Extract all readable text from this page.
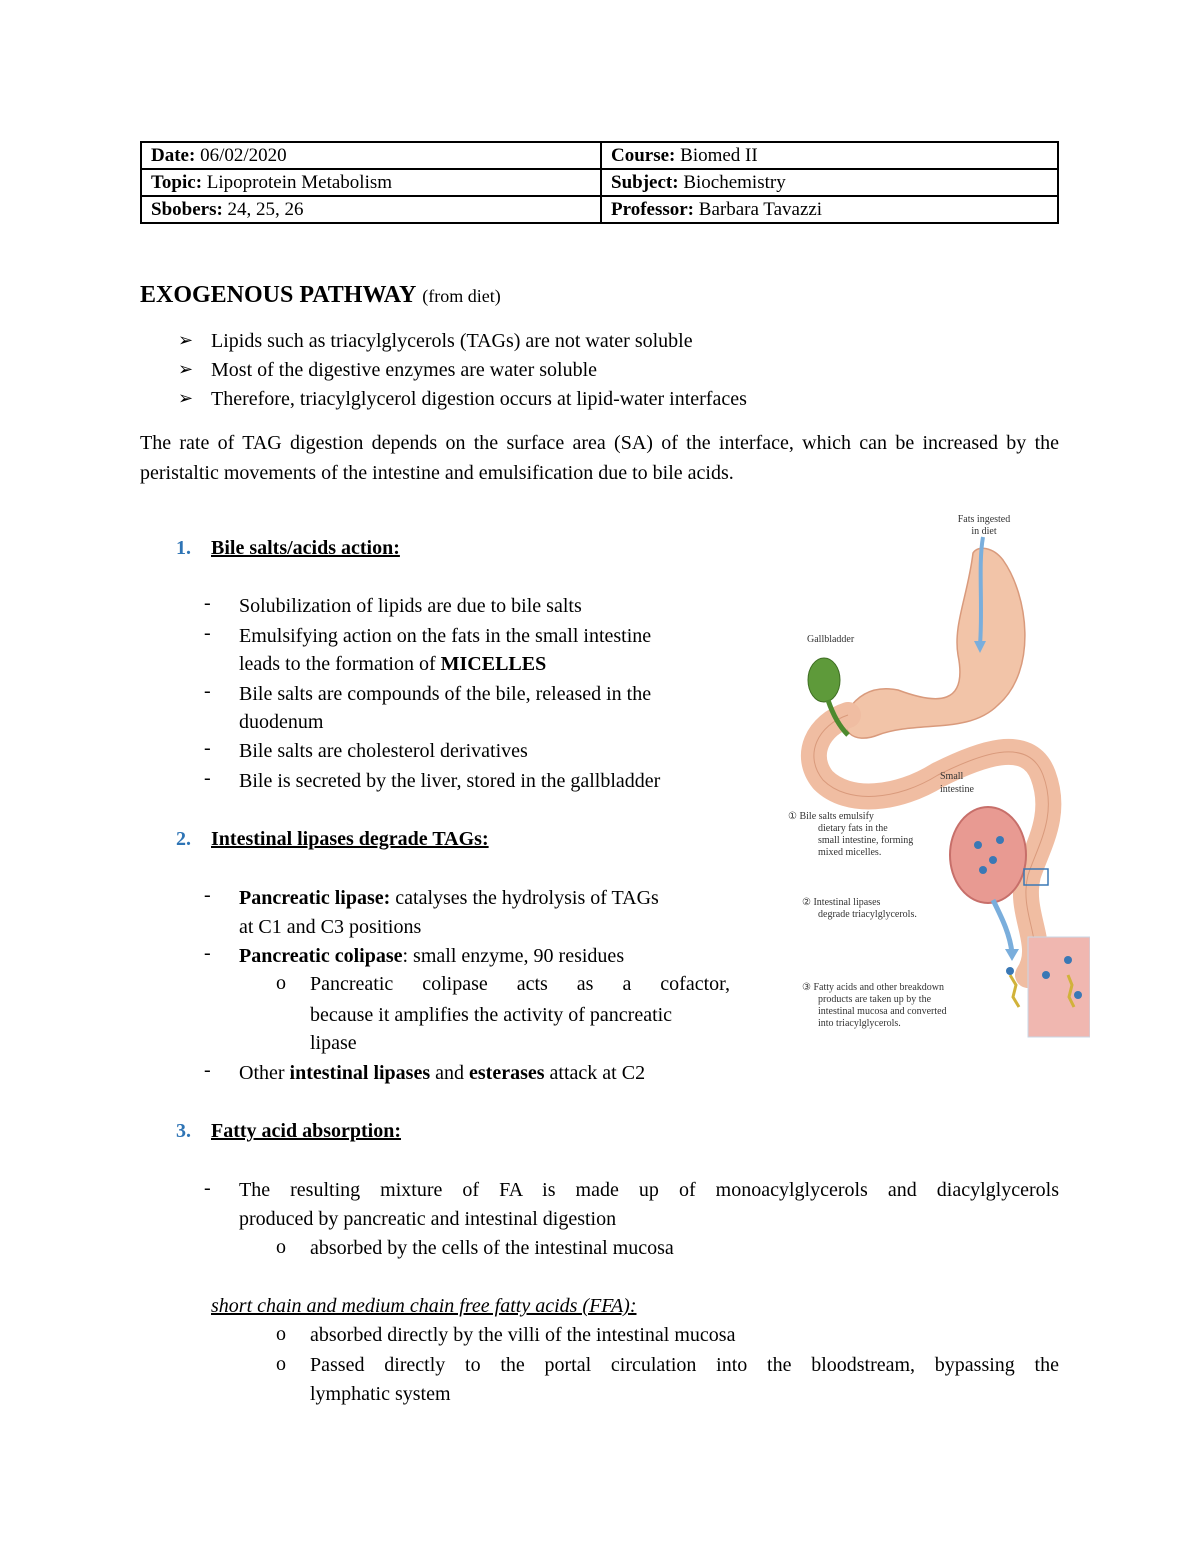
Date: 06/02/2020	Course: Biomed II
Topic: Lipoprotein Metabolism	Subject: Biochemistry
Sbobers: 24, 25, 26	Professor: Barbara Tavazzi
EXOGENOUS PATHWAY (from diet)
➢ Lipids such as triacylglycerols (TAGs) are not water soluble
➢ Most of the digestive enzymes are water soluble
➢ Therefore, triacylglycerol digestion occurs at lipid-water interfaces
The rate of TAG digestion depends on the surface area (SA) of the interface, which can be increased by the peristaltic movements of the intestine and emulsification due to bile acids.
1. Bile salts/acids action:
- Solubilization of lipids are due to bile salts
- Emulsifying action on the fats in the small intestine
leads to the formation of MICELLES
- Bile salts are compounds of the bile, released in the
duodenum
- Bile salts are cholesterol derivatives
- Bile is secreted by the liver, stored in the gallbladder
2. Intestinal lipases degrade TAGs:
- Pancreatic lipase: catalyses the hydrolysis of TAGs
at C1 and C3 positions
- Pancreatic colipase: small enzyme, 90 residues
o Pancreatic colipase acts as a cofactor,
because it amplifies the activity of pancreatic
lipase
- Other intestinal lipases and esterases attack at C2
3. Fatty acid absorption:
- The resulting mixture of FA is made up of monoacylglycerols and diacylglycerols
produced by pancreatic and intestinal digestion
o absorbed by the cells of the intestinal mucosa
short chain and medium chain free fatty acids (FFA):
o absorbed directly by the villi of the intestinal mucosa
o Passed directly to the portal circulation into the bloodstream, bypassing the
lymphatic system
Fats ingested
in diet
Gallbladder
Small
intestine
① Bile salts emulsify
dietary fats in the
small intestine, forming
mixed micelles.
② Intestinal lipases
degrade triacylglycerols.
③ Fatty acids and other breakdown
products are taken up by the
intestinal mucosa and converted
into triacylglycerols.
